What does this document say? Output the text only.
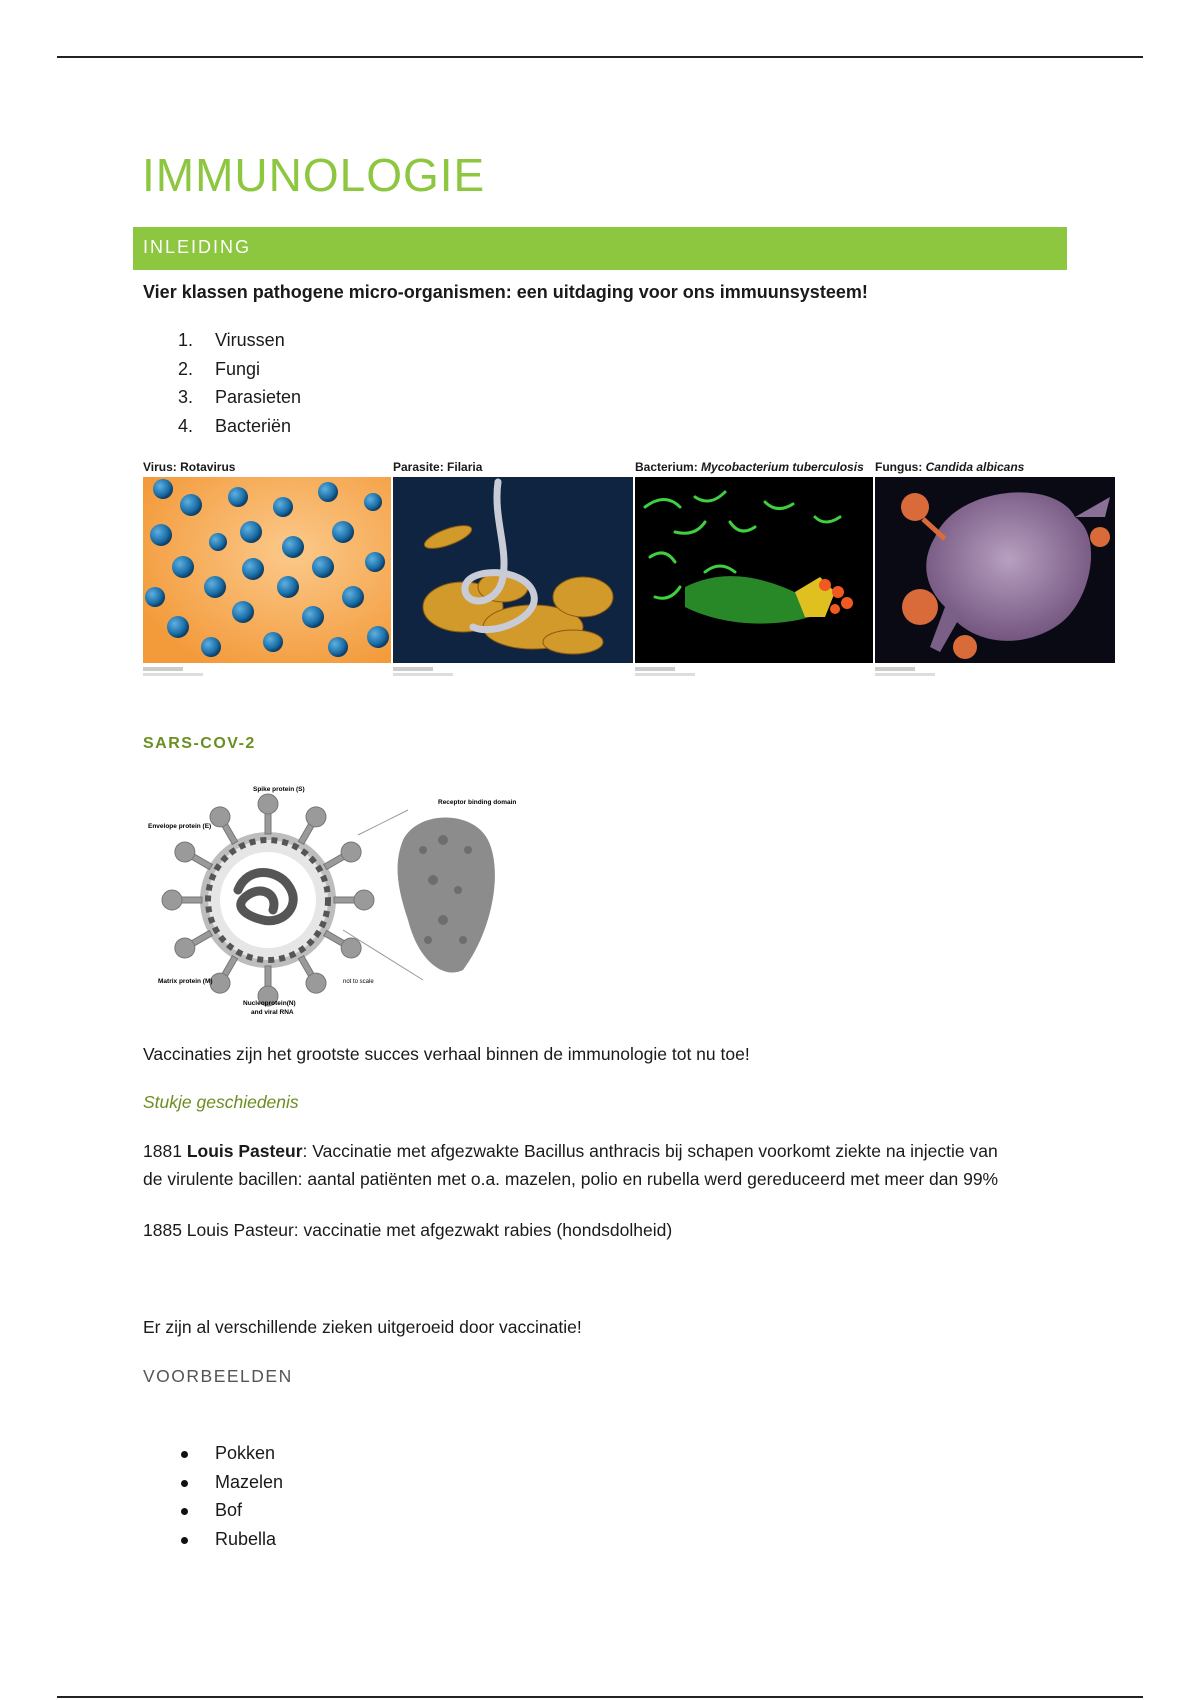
IMMUNOLOGIE
INLEIDING
Vier klassen pathogene micro-organismen: een uitdaging voor ons immuunsysteem!
1. Virussen
2. Fungi
3. Parasieten
4. Bacteriën
Virus: Rotavirus	Parasite: Filaria	Bacterium: Mycobacterium tuberculosis Fungus: Candida albicans
SARS-COV-2
Spike protein (S)
Envelope protein (E)
Receptor binding domain
Matrix protein (M)
Nucleoprotein(N)
and viral RNA
not to scale
Vaccinaties zijn het grootste succes verhaal binnen de immunologie tot nu toe!
Stukje geschiedenis
1881 Louis Pasteur: Vaccinatie met afgezwakte Bacillus anthracis bij schapen voorkomt ziekte na injectie van
de virulente bacillen: aantal patiënten met o.a. mazelen, polio en rubella werd gereduceerd met meer dan 99%
1885 Louis Pasteur: vaccinatie met afgezwakt rabies (hondsdolheid)
Er zijn al verschillende zieken uitgeroeid door vaccinatie!
VOORBEELDEN
Pokken
Mazelen
Bof
Rubella
